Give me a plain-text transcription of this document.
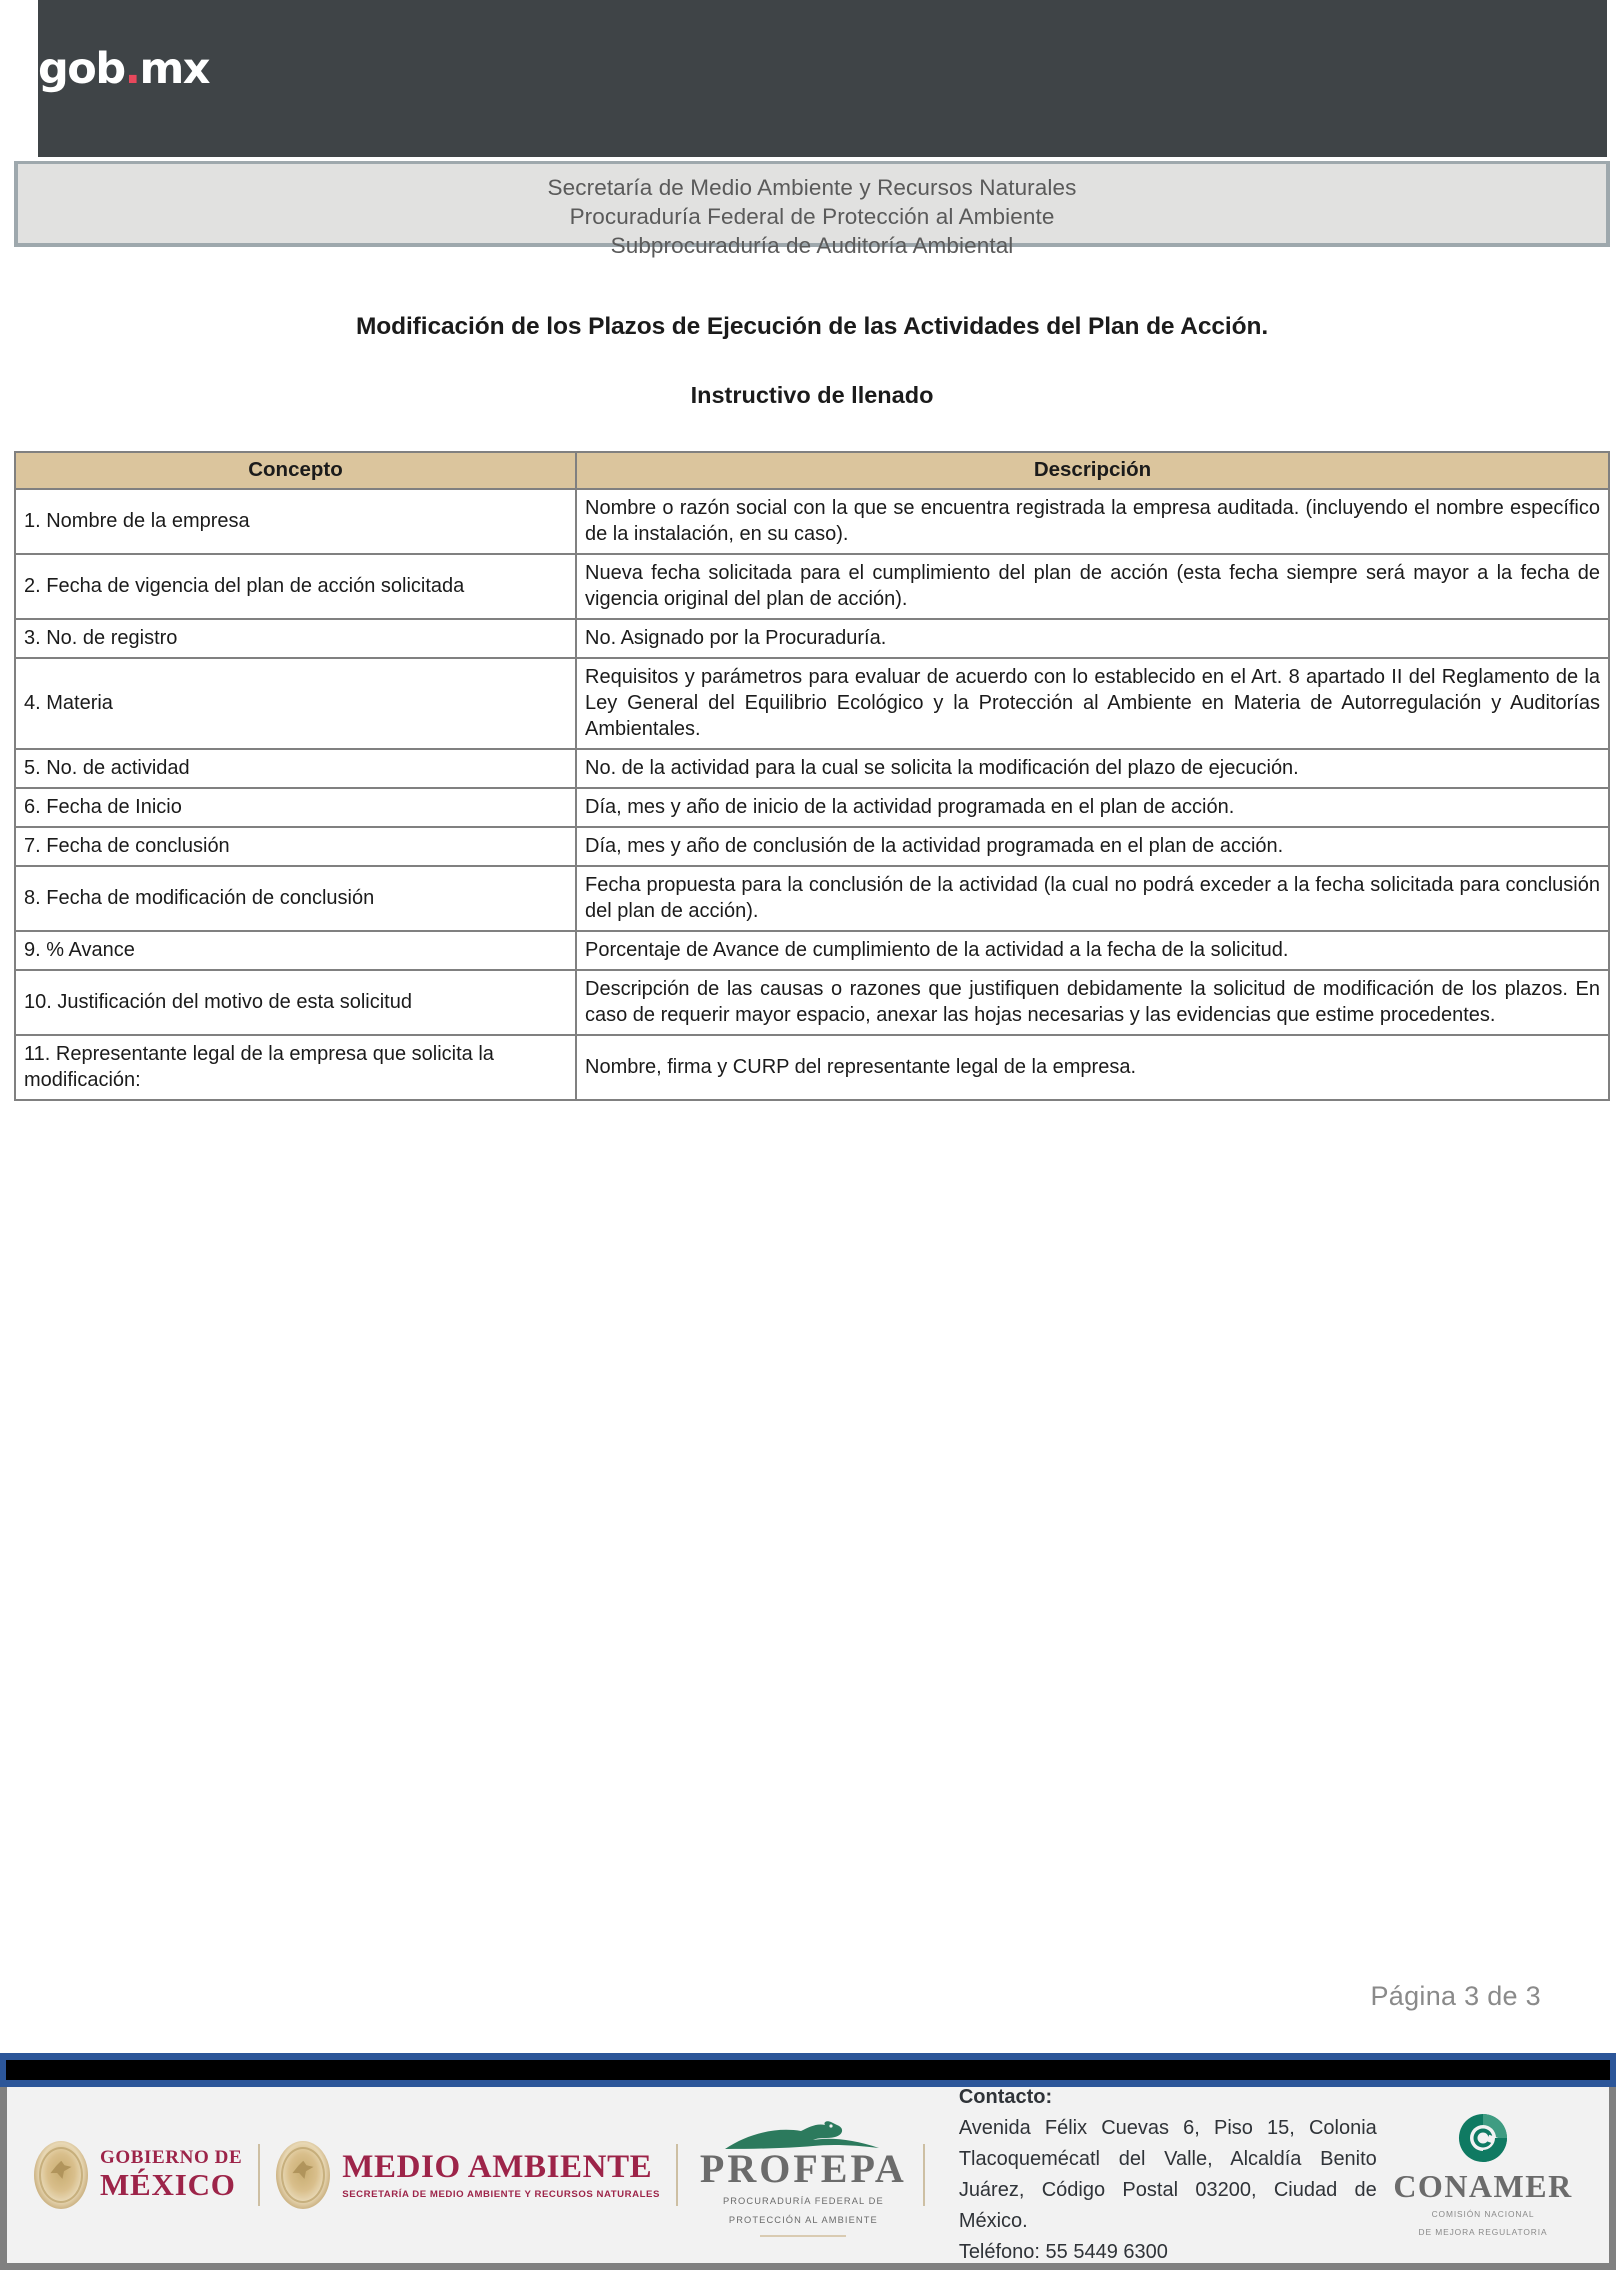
gob.mx
Secretaría de Medio Ambiente y Recursos Naturales
Procuraduría Federal de Protección al Ambiente
Subprocuraduría de Auditoría Ambiental
Modificación de los Plazos de Ejecución de las Actividades del Plan de Acción.
Instructivo de llenado
Concepto	Descripción
1. Nombre de la empresa	Nombre o razón social con la que se encuentra registrada la empresa auditada. (incluyendo el nombre específico de la instalación, en su caso).
2. Fecha de vigencia del plan de acción solicitada	Nueva fecha solicitada para el cumplimiento del plan de acción (esta fecha siempre será mayor a la fecha de vigencia original del plan de acción).
3. No. de registro	No. Asignado por la Procuraduría.
4. Materia	Requisitos y parámetros para evaluar de acuerdo con lo establecido en el Art. 8 apartado II del Reglamento de la Ley General del Equilibrio Ecológico y la Protección al Ambiente en Materia de Autorregulación y Auditorías Ambientales.
5. No. de actividad	No. de la actividad para la cual se solicita la modificación del plazo de ejecución.
6. Fecha de Inicio	Día, mes y año de inicio de la actividad programada en el plan de acción.
7. Fecha de conclusión	Día, mes y año de conclusión de la actividad programada en el plan de acción.
8. Fecha de modificación de conclusión	Fecha propuesta para la conclusión de la actividad (la cual no podrá exceder a la fecha solicitada para conclusión del plan de acción).
9. % Avance	Porcentaje de Avance de cumplimiento de la actividad a la fecha de la solicitud.
10. Justificación del motivo de esta solicitud	Descripción de las causas o razones que justifiquen debidamente la solicitud de modificación de los plazos. En caso de requerir mayor espacio, anexar las hojas necesarias y las evidencias que estime procedentes.
11. Representante legal de la empresa que solicita la modificación:	Nombre, firma y CURP del representante legal de la empresa.
Página 3 de 3
GOBIERNO DE
MÉXICO	MEDIO AMBIENTE
SECRETARÍA DE MEDIO AMBIENTE Y RECURSOS NATURALES
PROFEPA
PROCURADURÍA FEDERAL DE
PROTECCIÓN AL AMBIENTE
Contacto:
Avenida Félix Cuevas 6, Piso 15, Colonia Tlacoquemécatl del Valle, Alcaldía Benito Juárez, Código Postal 03200, Ciudad de México.
Teléfono: 55 5449 6300
CONAMER
COMISIÓN NACIONAL
DE MEJORA REGULATORIA
